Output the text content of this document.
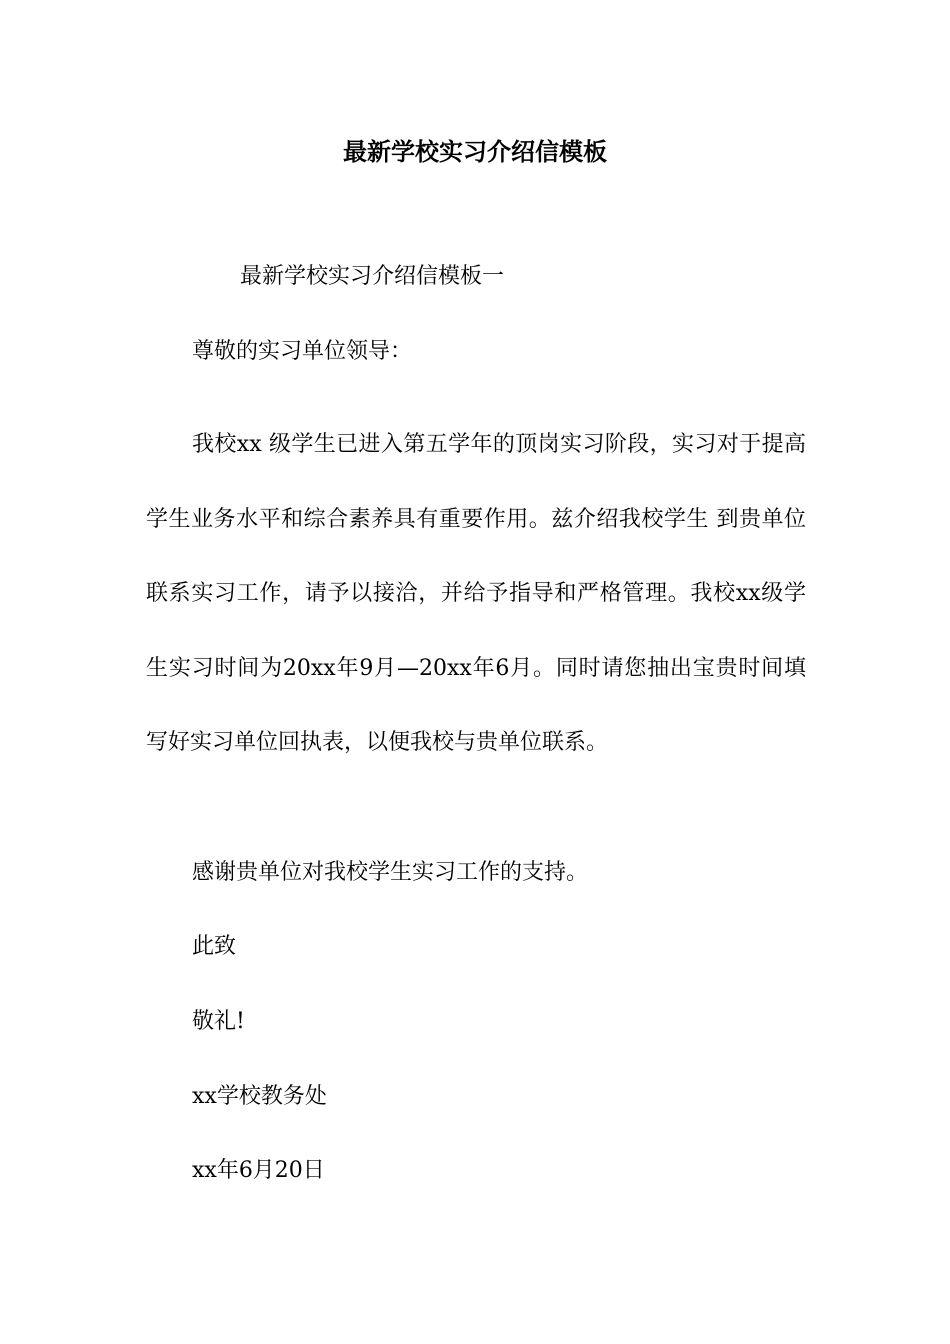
最新学校实习介绍信模板
最新学校实习介绍信模板一
尊敬的实习单位领导：
我校xx 级学生已进入第五学年的顶岗实习阶段，实习对于提高学生业务水平和综合素养具有重要作用。兹介绍我校学生 到贵单位联系实习工作，请予以接洽，并给予指导和严格管理。我校xx级学生实习时间为20xx年9月—20xx年6月。同时请您抽出宝贵时间填写好实习单位回执表，以便我校与贵单位联系。
感谢贵单位对我校学生实习工作的支持。
此致
敬礼!
xx学校教务处
xx年6月20日
